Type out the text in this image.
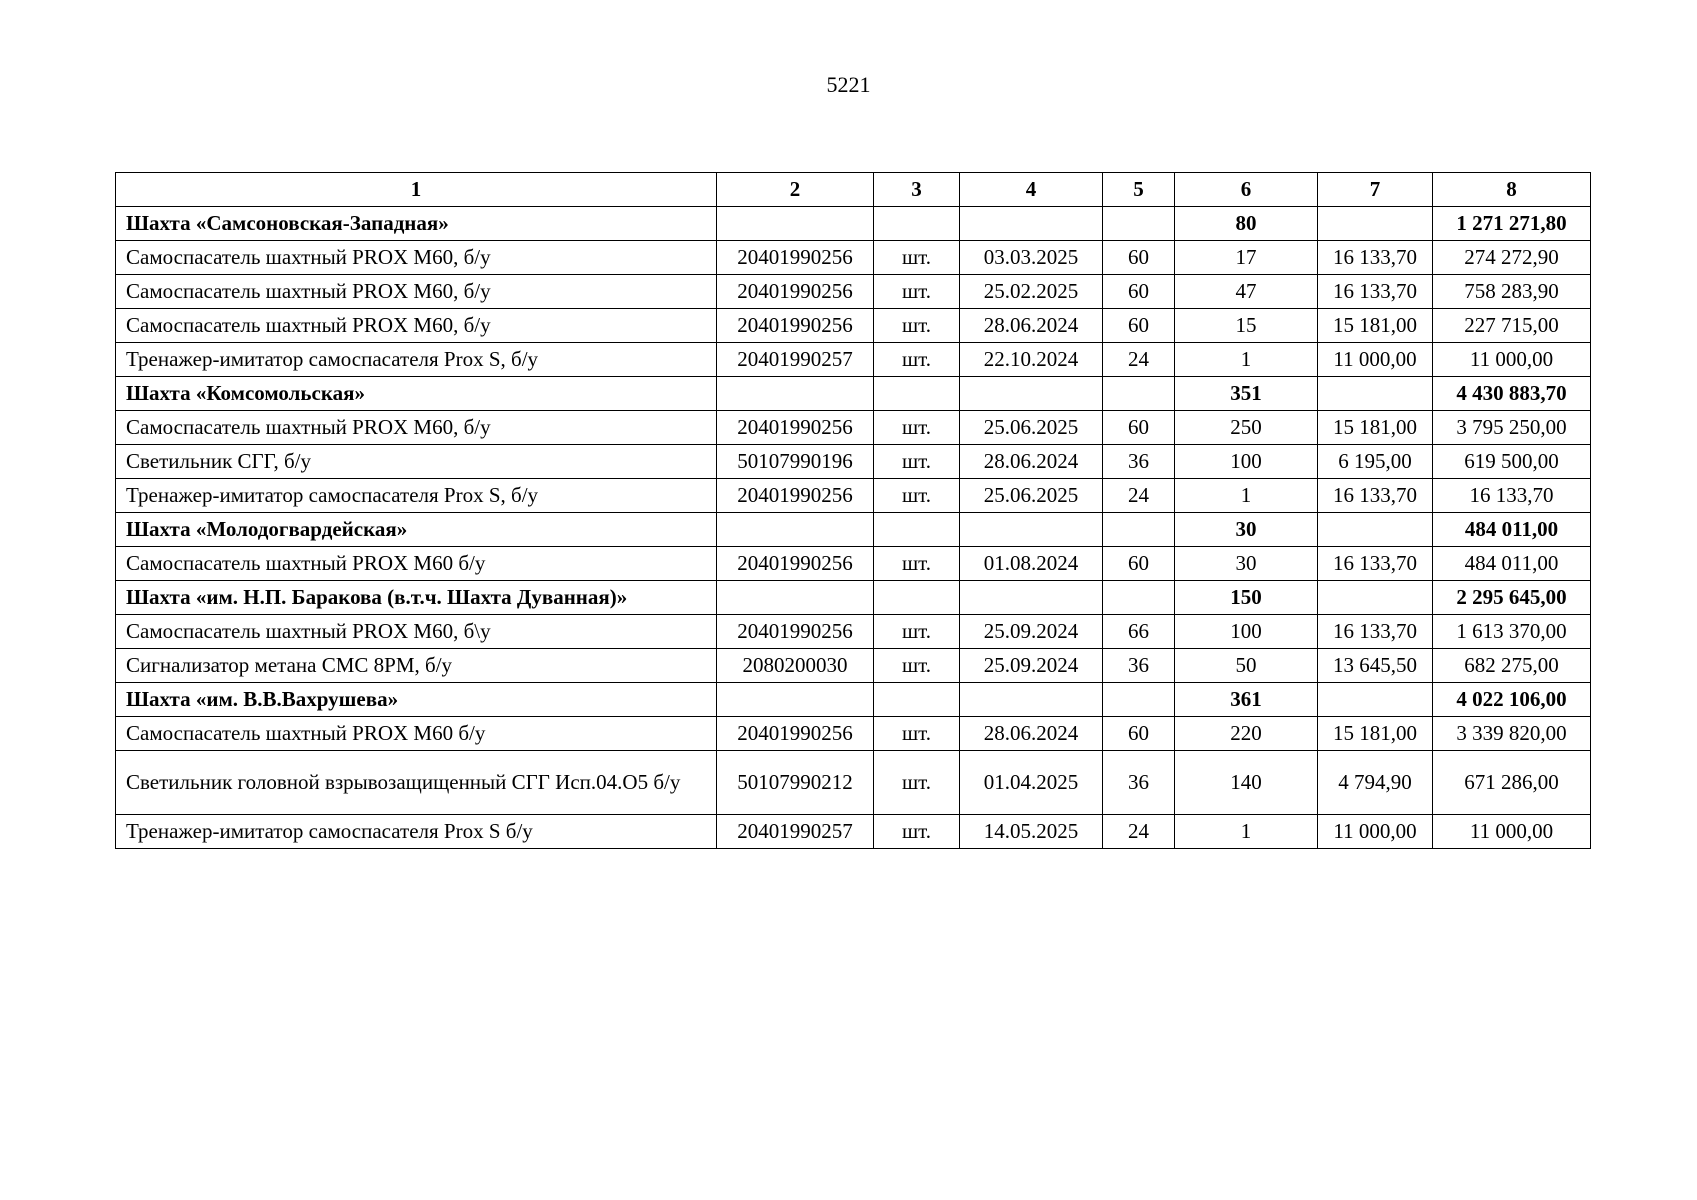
5221
1	2	3	4	5	6	7	8
Шахта «Самсоновская-Западная»					80		1 271 271,80
Самоспасатель шахтный PROX M60, б/у	20401990256	шт.	03.03.2025	60	17	16 133,70	274 272,90
Самоспасатель шахтный PROX M60, б/у	20401990256	шт.	25.02.2025	60	47	16 133,70	758 283,90
Самоспасатель шахтный PROX M60, б/у	20401990256	шт.	28.06.2024	60	15	15 181,00	227 715,00
Тренажер-имитатор самоспасателя Prox S, б/у	20401990257	шт.	22.10.2024	24	1	11 000,00	11 000,00
Шахта «Комсомольская»					351		4 430 883,70
Самоспасатель шахтный PROX M60, б/у	20401990256	шт.	25.06.2025	60	250	15 181,00	3 795 250,00
Светильник СГГ, б/у	50107990196	шт.	28.06.2024	36	100	6 195,00	619 500,00
Тренажер-имитатор самоспасателя Prox S, б/у	20401990256	шт.	25.06.2025	24	1	16 133,70	16 133,70
Шахта «Молодогвардейская»					30		484 011,00
Самоспасатель шахтный PROX M60 б/у	20401990256	шт.	01.08.2024	60	30	16 133,70	484 011,00
Шахта «им. Н.П. Баракова (в.т.ч. Шахта Дуванная)»					150		2 295 645,00
Самоспасатель шахтный PROX M60, б\у	20401990256	шт.	25.09.2024	66	100	16 133,70	1 613 370,00
Сигнализатор метана СМС 8РМ, б/у	2080200030	шт.	25.09.2024	36	50	13 645,50	682 275,00
Шахта «им. В.В.Вахрушева»					361		4 022 106,00
Самоспасатель шахтный PROX M60 б/у	20401990256	шт.	28.06.2024	60	220	15 181,00	3 339 820,00
Светильник головной взрывозащищенный СГГ Исп.04.О5 б/у	50107990212	шт.	01.04.2025	36	140	4 794,90	671 286,00
Тренажер-имитатор самоспасателя Prox S б/у	20401990257	шт.	14.05.2025	24	1	11 000,00	11 000,00
